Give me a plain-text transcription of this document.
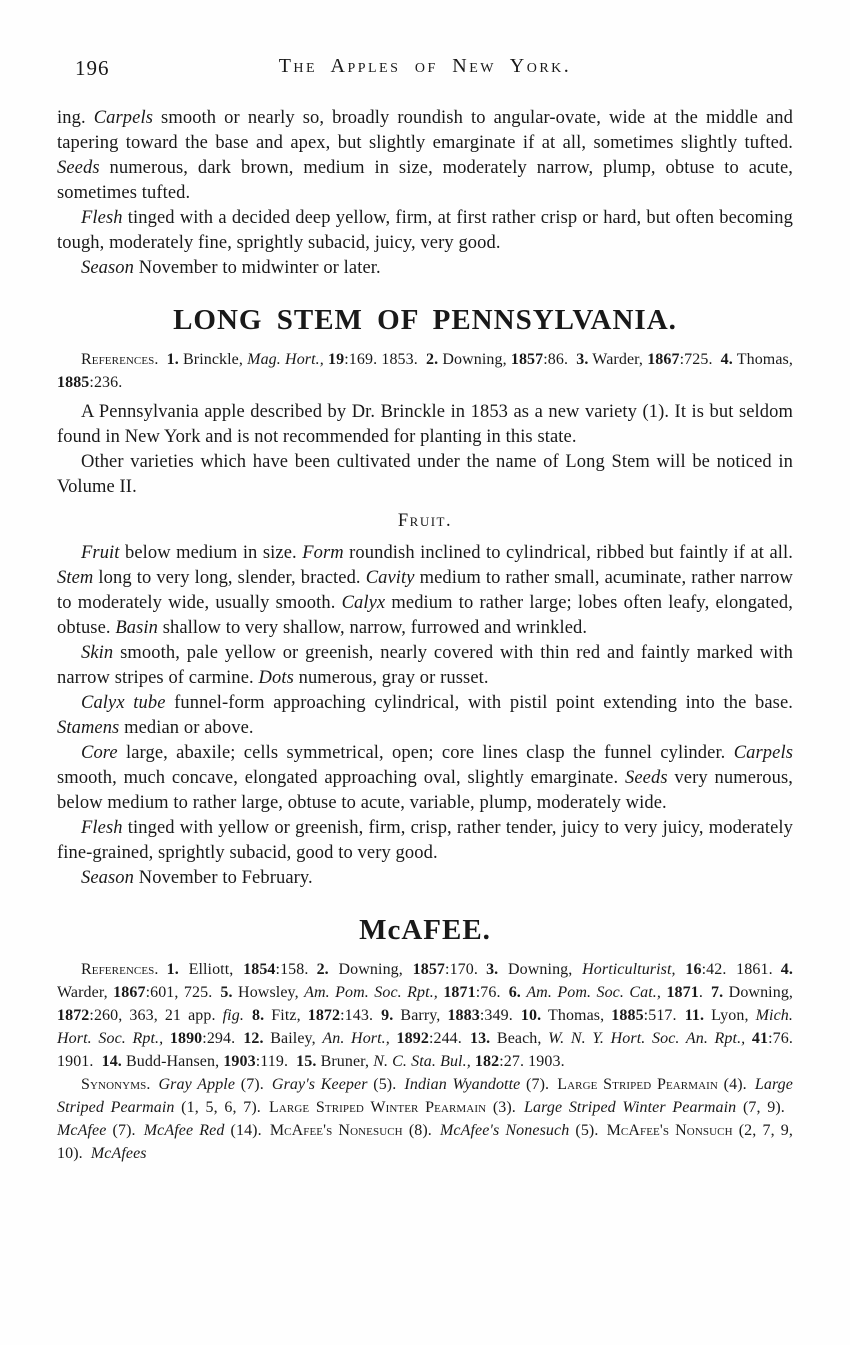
196	The Apples of New York.

ing. Carpels smooth or nearly so, broadly roundish to angular-ovate, wide at the middle and tapering toward the base and apex, but slightly emarginate if at all, sometimes slightly tufted. Seeds numerous, dark brown, medium in size, moderately narrow, plump, obtuse to acute, sometimes tufted.

Flesh tinged with a decided deep yellow, firm, at first rather crisp or hard, but often becoming tough, moderately fine, sprightly subacid, juicy, very good.

Season November to midwinter or later.

LONG STEM OF PENNSYLVANIA.

References.  1. Brinckle, Mag. Hort., 19:169. 1853. 2. Downing, 1857:86. 3. Warder, 1867:725. 4. Thomas, 1885:236.

A Pennsylvania apple described by Dr. Brinckle in 1853 as a new variety (1). It is but seldom found in New York and is not recommended for planting in this state.

Other varieties which have been cultivated under the name of Long Stem will be noticed in Volume II.

Fruit.

Fruit below medium in size. Form roundish inclined to cylindrical, ribbed but faintly if at all. Stem long to very long, slender, bracted. Cavity medium to rather small, acuminate, rather narrow to moderately wide, usually smooth. Calyx medium to rather large; lobes often leafy, elongated, obtuse. Basin shallow to very shallow, narrow, furrowed and wrinkled.

Skin smooth, pale yellow or greenish, nearly covered with thin red and faintly marked with narrow stripes of carmine. Dots numerous, gray or russet.

Calyx tube funnel-form approaching cylindrical, with pistil point extending into the base. Stamens median or above.

Core large, abaxile; cells symmetrical, open; core lines clasp the funnel cylinder. Carpels smooth, much concave, elongated approaching oval, slightly emarginate. Seeds very numerous, below medium to rather large, obtuse to acute, variable, plump, moderately wide.

Flesh tinged with yellow or greenish, firm, crisp, rather tender, juicy to very juicy, moderately fine-grained, sprightly subacid, good to very good.

Season November to February.

McAFEE.

References.  1. Elliott, 1854:158. 2. Downing, 1857:170. 3. Downing, Horticulturist, 16:42. 1861. 4. Warder, 1867:601, 725. 5. Howsley, Am. Pom. Soc. Rpt., 1871:76. 6. Am. Pom. Soc. Cat., 1871. 7. Downing, 1872:260, 363, 21 app. fig.  8. Fitz, 1872:143. 9. Barry, 1883:349. 10. Thomas, 1885:517. 11. Lyon, Mich. Hort. Soc. Rpt., 1890:294. 12. Bailey, An. Hort., 1892:244. 13. Beach, W. N. Y. Hort. Soc. An. Rpt., 41:76. 1901. 14. Budd-Hansen, 1903:119. 15. Bruner, N. C. Sta. Bul., 182:27. 1903.

Synonyms.  Gray Apple (7). Gray's Keeper (5). Indian Wyandotte (7). Large Striped Pearmain (4). Large Striped Pearmain (1, 5, 6, 7). Large Striped Winter Pearmain (3). Large Striped Winter Pearmain (7, 9). McAfee (7). McAfee Red (14). McAfee's Nonesuch (8). McAfee's Nonesuch (5). McAfee's Nonsuch (2, 7, 9, 10). McAfees
